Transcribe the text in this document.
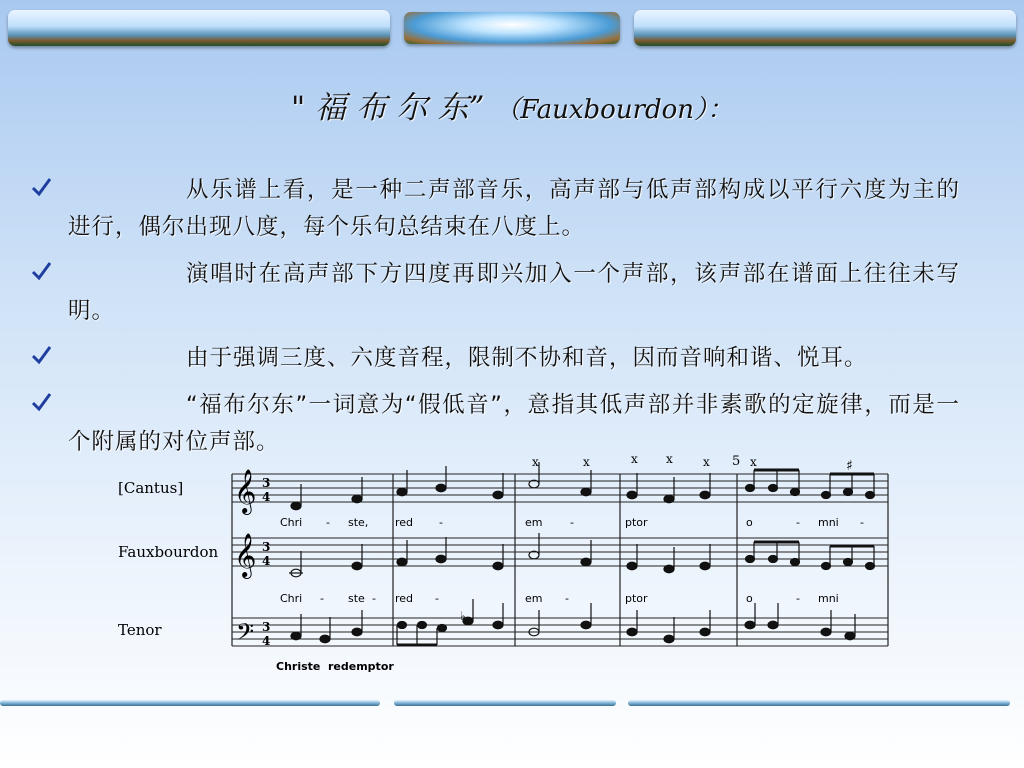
" 福 布 尔 东” （Fauxbourdon）：

从乐谱上看，是一种二声部音乐，高声部与低声部构成以平行六度为主的进行，偶尔出现八度，每个乐句总结束在八度上。

演唱时在高声部下方四度再即兴加入一个声部，该声部在谱面上往往未写明。

由于强调三度、六度音程，限制不协和音，因而音响和谐、悦耳。

“福布尔东”一词意为“假低音”，意指其低声部并非素歌的定旋律，而是一个附属的对位声部。

[Cantus]
Fauxbourdon
Tenor
𝄞
𝄞
𝄢
3
4
3
4
3
4
5
x	x	x x	x	x	♯
Chri - ste, red -	em	-	ptor	o	- mni -
Chri - ste - red -	em -	ptor	o	- mni
♭
Christe redemptor
